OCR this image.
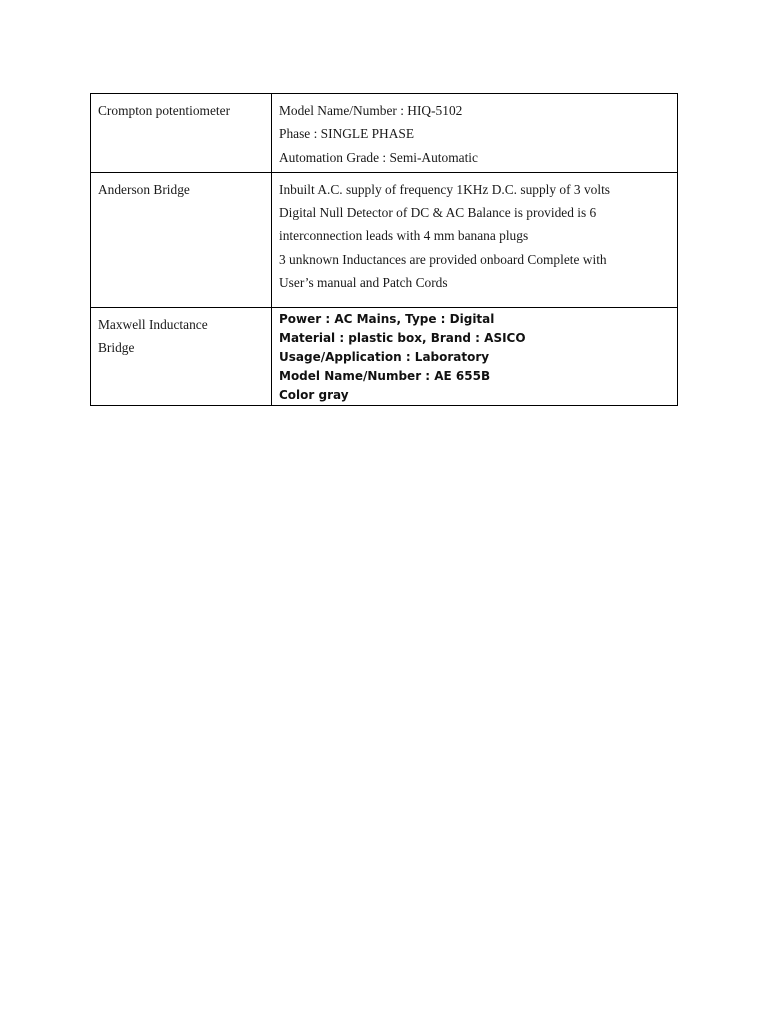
Crompton potentiometer	Model Name/Number : HIQ-5102
Phase : SINGLE PHASE
Automation Grade : Semi-Automatic

Anderson Bridge	Inbuilt A.C. supply of frequency 1KHz D.C. supply of 3 volts
Digital Null Detector of DC & AC Balance is provided is 6
interconnection leads with 4 mm banana plugs
3 unknown Inductances are provided onboard Complete with
User’s manual and Patch Cords

Maxwell Inductance
Bridge	Power : AC Mains, Type : Digital
Material : plastic box, Brand : ASICO
Usage/Application : Laboratory
Model Name/Number : AE 655B
Color gray
